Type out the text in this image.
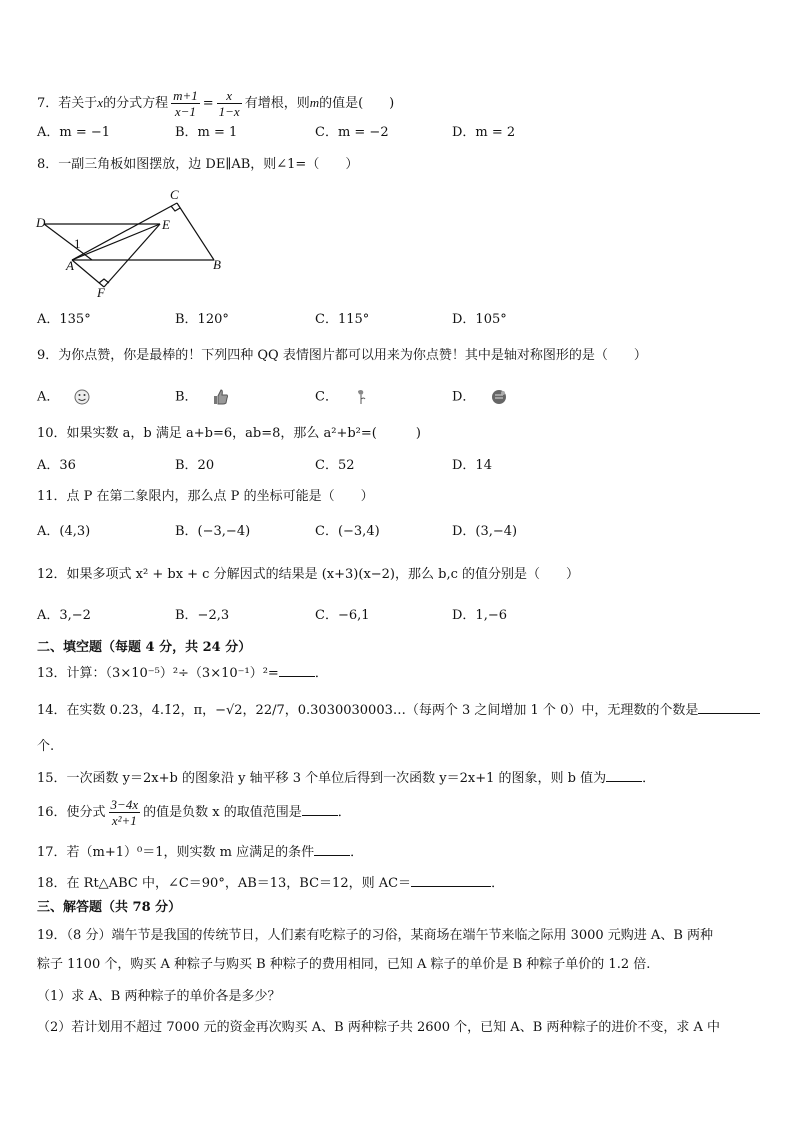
7．若关于x的分式方程 $\frac{m+1}{x-1} = \frac{x}{1-x}$ 有增根，则m的值是(　　)
A．m = −1	B．m = 1	C．m = −2	D．m = 2
8．一副三角板如图摆放，边 DE∥AB，则∠1=（　　）
C
D	E
1
A	B
F
A．135°	B．120°	C．115°	D．105°
9．为你点赞，你是最棒的！下列四种 QQ 表情图片都可以用来为你点赞！其中是轴对称图形的是（　　）
A．	B．	C．	D．
10．如果实数 a，b 满足 a+b=6，ab=8，那么 a²+b²=(　　　)
A．36	B．20	C．52	D．14
11．点 P 在第二象限内，那么点 P 的坐标可能是（　　）
A．(4,3)	B．(−3,−4)	C．(−3,4)	D．(3,−4)
12．如果多项式 x² + bx + c 分解因式的结果是 (x+3)(x−2)，那么 b,c 的值分别是（　　）
A．3,−2	B．−2,3	C．−6,1	D．1,−6
二、填空题（每题 4 分，共 24 分）
13．计算：（3×10⁻⁵）²÷（3×10⁻¹）²=	．
14．在实数 0.23，4.1̇2̇，π，−√2，22/7，0.3030030003…（每两个 3 之间增加 1 个 0）中，无理数的个数是
个.
15．一次函数 y＝2x+b 的图象沿 y 轴平移 3 个单位后得到一次函数 y＝2x+1 的图象，则 b 值为	．
16．使分式 $\frac{3-4x}{\text{x²+1}}$ 的值是负数 x 的取值范围是	．
17．若（m+1）⁰＝1，则实数 m 应满足的条件	．
18．在 Rt△ABC 中，∠C＝90°，AB＝13，BC＝12，则 AC＝	．
三、解答题（共 78 分）
19．（8 分）端午节是我国的传统节日，人们素有吃粽子的习俗，某商场在端午节来临之际用 3000 元购进 A、B 两种
粽子 1100 个，购买 A 种粽子与购买 B 种粽子的费用相同，已知 A 粽子的单价是 B 种粽子单价的 1.2 倍.
（1）求 A、B 两种粽子的单价各是多少？
（2）若计划用不超过 7000 元的资金再次购买 A、B 两种粽子共 2600 个，已知 A、B 两种粽子的进价不变，求 A 中
